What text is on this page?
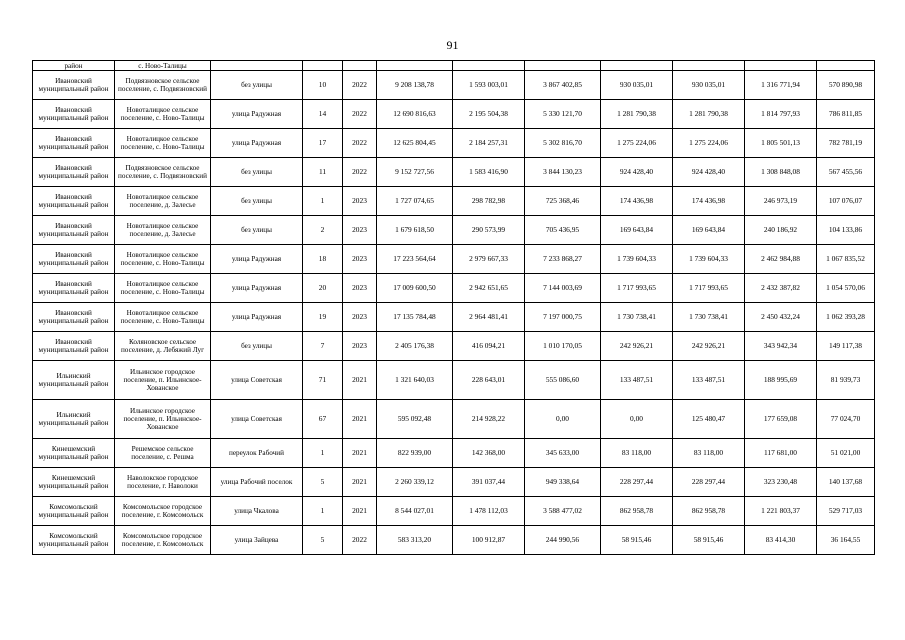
91
район	с. Ново-Талицы										
Ивановский муниципальный район	Подвязновское сельское поселение, с. Подвязновский	без улицы	10	2022	9 208 138,78	1 593 003,01	3 867 402,85	930 035,01	930 035,01	1 316 771,94	570 890,98
Ивановский муниципальный район	Новоталицкое сельское поселение, с. Ново-Талицы	улица Радужная	14	2022	12 690 816,63	2 195 504,38	5 330 121,70	1 281 790,38	1 281 790,38	1 814 797,93	786 811,85
Ивановский муниципальный район	Новоталицкое сельское поселение, с. Ново-Талицы	улица Радужная	17	2022	12 625 804,45	2 184 257,31	5 302 816,70	1 275 224,06	1 275 224,06	1 805 501,13	782 781,19
Ивановский муниципальный район	Подвязновское сельское поселение, с. Подвязновский	без улицы	11	2022	9 152 727,56	1 583 416,90	3 844 130,23	924 428,40	924 428,40	1 308 848,08	567 455,56
Ивановский муниципальный район	Новоталицкое сельское поселение, д. Залесье	без улицы	1	2023	1 727 074,65	298 782,98	725 368,46	174 436,98	174 436,98	246 973,19	107 076,07
Ивановский муниципальный район	Новоталицкое сельское поселение, д. Залесье	без улицы	2	2023	1 679 618,50	290 573,99	705 436,95	169 643,84	169 643,84	240 186,92	104 133,86
Ивановский муниципальный район	Новоталицкое сельское поселение, с. Ново-Талицы	улица Радужная	18	2023	17 223 564,64	2 979 667,33	7 233 868,27	1 739 604,33	1 739 604,33	2 462 984,88	1 067 835,52
Ивановский муниципальный район	Новоталицкое сельское поселение, с. Ново-Талицы	улица Радужная	20	2023	17 009 600,50	2 942 651,65	7 144 003,69	1 717 993,65	1 717 993,65	2 432 387,82	1 054 570,06
Ивановский муниципальный район	Новоталицкое сельское поселение, с. Ново-Талицы	улица Радужная	19	2023	17 135 784,48	2 964 481,41	7 197 000,75	1 730 738,41	1 730 738,41	2 450 432,24	1 062 393,28
Ивановский муниципальный район	Коляновское сельское поселение, д. Лебяжий Луг	без улицы	7	2023	2 405 176,38	416 094,21	1 010 170,05	242 926,21	242 926,21	343 942,34	149 117,38
Ильинский муниципальный район	Ильинское городское поселение, п. Ильинское-Хованское	улица Советская	71	2021	1 321 640,03	228 643,01	555 086,60	133 487,51	133 487,51	188 995,69	81 939,73
Ильинский муниципальный район	Ильинское городское поселение, п. Ильинское-Хованское	улица Советская	67	2021	595 092,48	214 928,22	0,00	0,00	125 480,47	177 659,08	77 024,70
Кинешемский муниципальный район	Решемское сельское поселение, с. Решма	переулок Рабочий	1	2021	822 939,00	142 368,00	345 633,00	83 118,00	83 118,00	117 681,00	51 021,00
Кинешемский муниципальный район	Наволокское городское поселение, г. Наволоки	улица Рабочий поселок	5	2021	2 260 339,12	391 037,44	949 338,64	228 297,44	228 297,44	323 230,48	140 137,68
Комсомольский муниципальный район	Комсомольское городское поселение, г. Комсомольск	улица Чкалова	1	2021	8 544 027,01	1 478 112,03	3 588 477,02	862 958,78	862 958,78	1 221 803,37	529 717,03
Комсомольский муниципальный район	Комсомольское городское поселение, г. Комсомольск	улица Зайцева	5	2022	583 313,20	100 912,87	244 990,56	58 915,46	58 915,46	83 414,30	36 164,55
